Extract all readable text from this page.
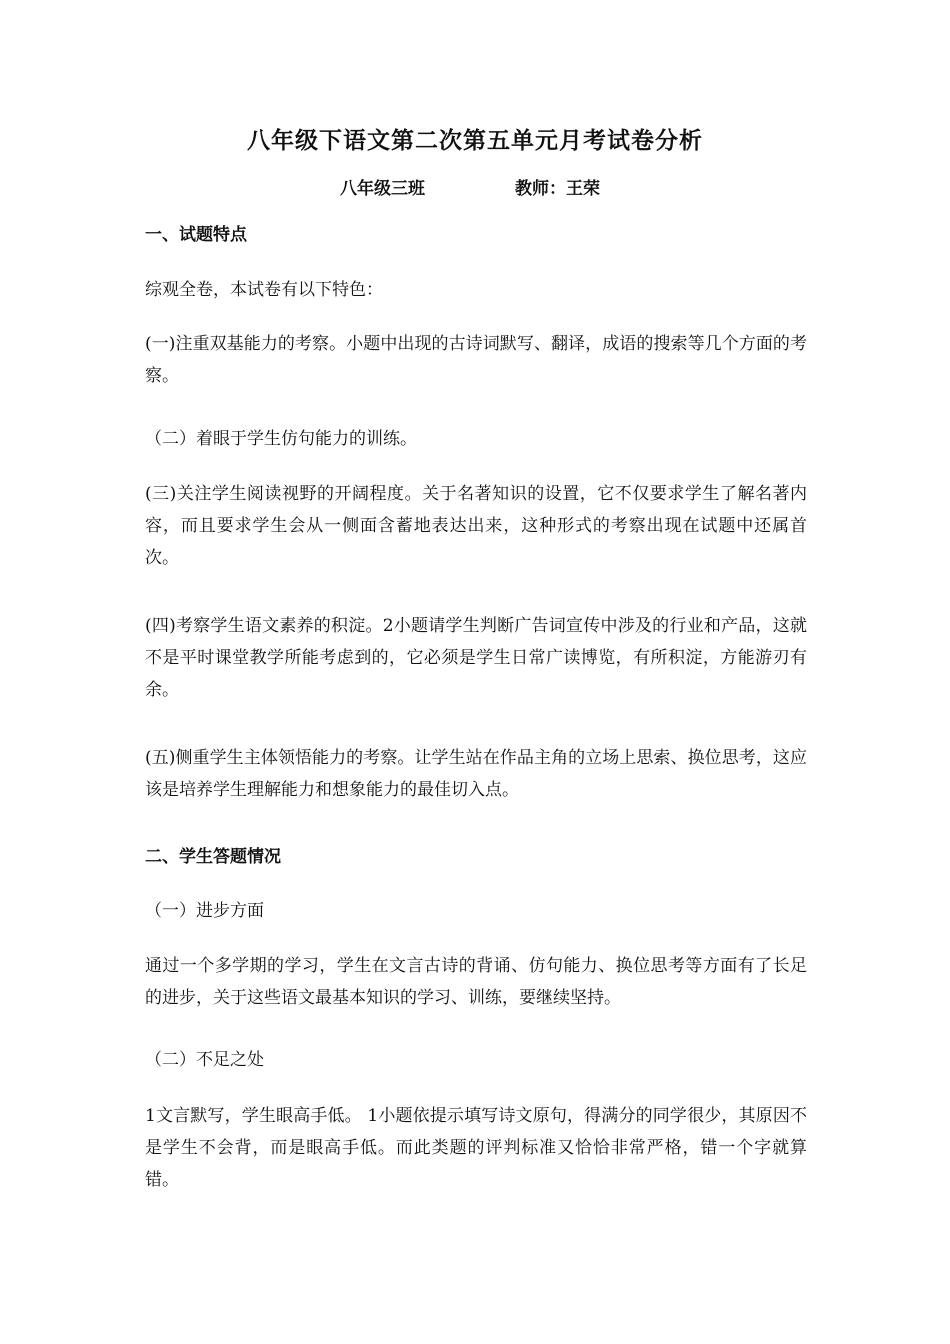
八年级下语文第二次第五单元月考试卷分析
八年级三班	教师：王荣
一、试题特点

综观全卷，本试卷有以下特色：

(一)注重双基能力的考察。小题中出现的古诗词默写、翻译，成语的搜索等几个方面的考察。

（二）着眼于学生仿句能力的训练。

(三)关注学生阅读视野的开阔程度。关于名著知识的设置，它不仅要求学生了解名著内容，而且要求学生会从一侧面含蓄地表达出来，这种形式的考察出现在试题中还属首次。

(四)考察学生语文素养的积淀。2小题请学生判断广告词宣传中涉及的行业和产品，这就不是平时课堂教学所能考虑到的，它必须是学生日常广读博览，有所积淀，方能游刃有余。

(五)侧重学生主体领悟能力的考察。让学生站在作品主角的立场上思索、换位思考，这应该是培养学生理解能力和想象能力的最佳切入点。

二、学生答题情况

（一）进步方面

通过一个多学期的学习，学生在文言古诗的背诵、仿句能力、换位思考等方面有了长足的进步，关于这些语文最基本知识的学习、训练，要继续坚持。

（二）不足之处

1文言默写，学生眼高手低。 1小题依提示填写诗文原句，得满分的同学很少，其原因不是学生不会背，而是眼高手低。而此类题的评判标准又恰恰非常严格，错一个字就算错。
